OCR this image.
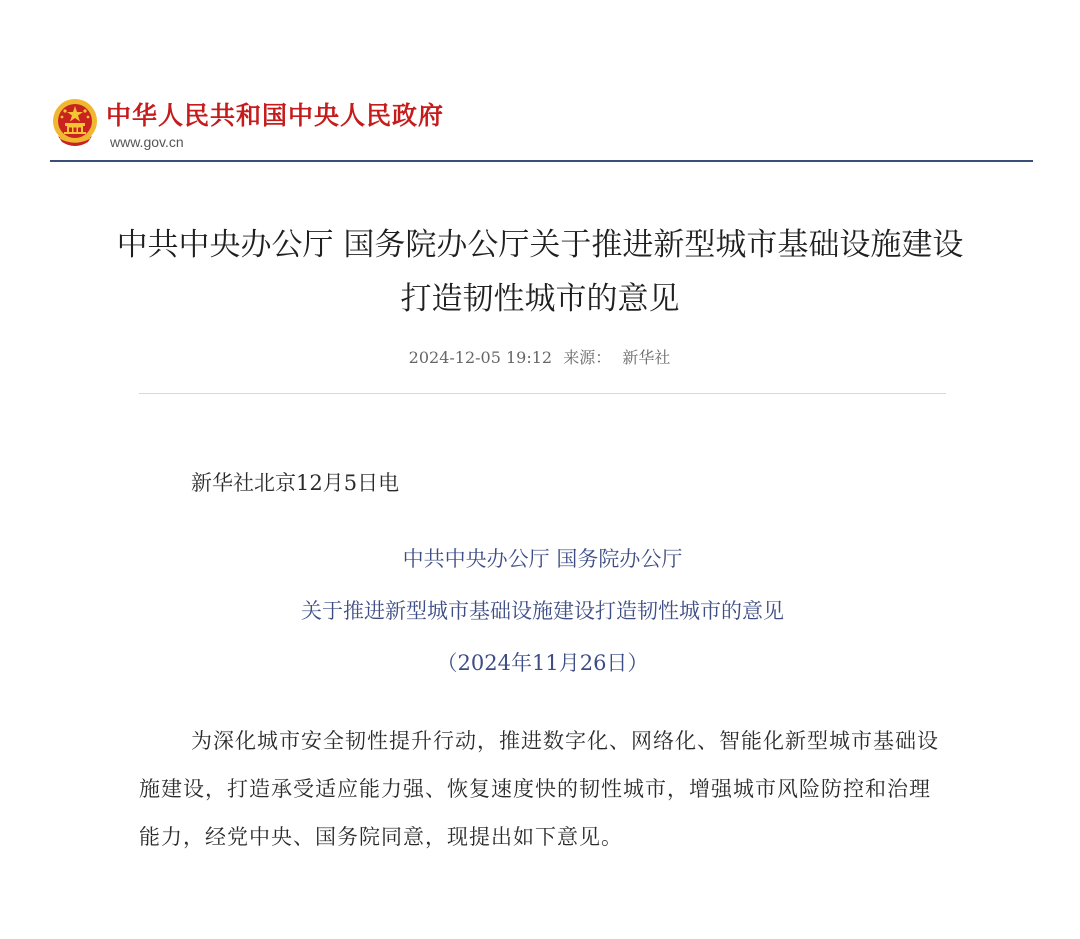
中华人民共和国中央人民政府
www.gov.cn
中共中央办公厅 国务院办公厅关于推进新型城市基础设施建设打造韧性城市的意见
2024-12-05 19:12 来源： 新华社
新华社北京12月5日电
中共中央办公厅 国务院办公厅
关于推进新型城市基础设施建设打造韧性城市的意见
（2024年11月26日）

为深化城市安全韧性提升行动，推进数字化、网络化、智能化新型城市基础设施建设，打造承受适应能力强、恢复速度快的韧性城市，增强城市风险防控和治理能力，经党中央、国务院同意，现提出如下意见。
